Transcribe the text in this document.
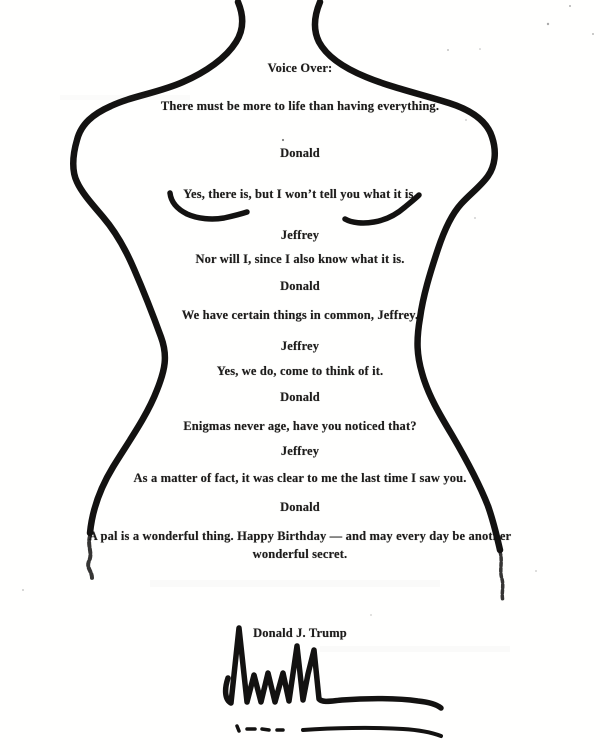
Voice Over:
There must be more to life than having everything.
Donald
Yes, there is, but I won’t tell you what it is.
Jeffrey
Nor will I, since I also know what it is.
Donald
We have certain things in common, Jeffrey.
Jeffrey
Yes, we do, come to think of it.
Donald
Enigmas never age, have you noticed that?
Jeffrey
As a matter of fact, it was clear to me the last time I saw you.
Donald
A pal is a wonderful thing. Happy Birthday — and may every day be another wonderful secret.
Donald J. Trump
